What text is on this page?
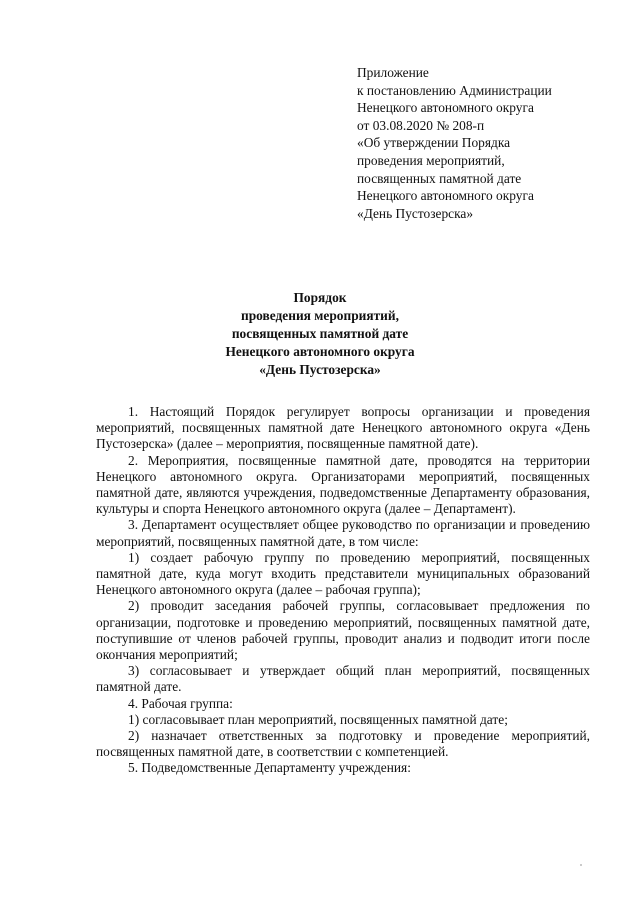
Приложение
к постановлению Администрации
Ненецкого автономного округа
от 03.08.2020 № 208-п
«Об утверждении Порядка
проведения мероприятий,
посвященных памятной дате
Ненецкого автономного округа
«День Пустозерска»
Порядок
проведения мероприятий,
посвященных памятной дате
Ненецкого автономного округа
«День Пустозерска»

1. Настоящий Порядок регулирует вопросы организации и проведения мероприятий, посвященных памятной дате Ненецкого автономного округа «День Пустозерска» (далее – мероприятия, посвященные памятной дате).

2. Мероприятия, посвященные памятной дате, проводятся на территории Ненецкого автономного округа. Организаторами мероприятий, посвященных памятной дате, являются учреждения, подведомственные Департаменту образования, культуры и спорта Ненецкого автономного округа (далее – Департамент).

3. Департамент осуществляет общее руководство по организации и проведению мероприятий, посвященных памятной дате, в том числе:

1) создает рабочую группу по проведению мероприятий, посвященных памятной дате, куда могут входить представители муниципальных образований Ненецкого автономного округа (далее – рабочая группа);

2) проводит заседания рабочей группы, согласовывает предложения по организации, подготовке и проведению мероприятий, посвященных памятной дате, поступившие от членов рабочей группы, проводит анализ и подводит итоги после окончания мероприятий;

3) согласовывает и утверждает общий план мероприятий, посвященных памятной дате.

4. Рабочая группа:

1) согласовывает план мероприятий, посвященных памятной дате;

2) назначает ответственных за подготовку и проведение мероприятий, посвященных памятной дате, в соответствии с компетенцией.

5. Подведомственные Департаменту учреждения:
